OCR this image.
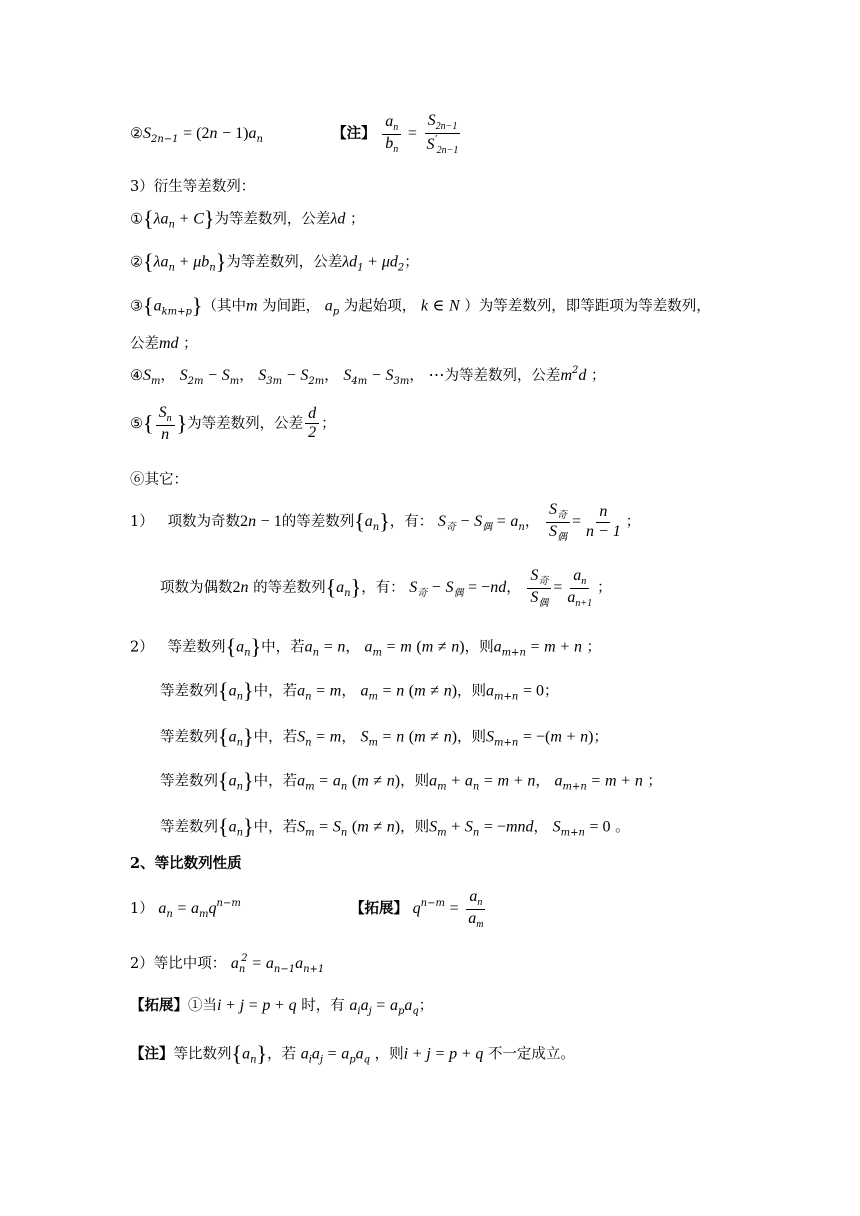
$②S_{2n-1} = (2n - 1)a_n$	【注】 $\frac{a_n}{b_n} = \frac{S_{2n-1}}{S'_{2n-1}}$
3）衍生等差数列：
$①\{\lambda a_n + C\}$为等差数列，公差λd ；
$②\{\lambda a_n + \mu b_n\}$为等差数列，公差$\lambda d_1 + \mu d_2$；
$③\{a_{km+p}\}$（其中m 为间距， $a_p$ 为起始项， k ∈ N ）为等差数列，即等距项为等差数列，
公差md ；
$④S_m$， $S_{2m} - S_m$， $S_{3m} - S_{2m}$， $S_{4m} - S_{3m}$， ⋯为等差数列，公差$m^2d$ ；
⑤{ $\frac{S_n}{n}$ }为等差数列，公差 $\frac{d}{2}$ ；
⑥其它：
1） 项数为奇数2n − 1的等差数列$\{a_n\}$，有： $S_奇 - S_偶 = a_n$， $\frac{S_奇}{S_偶} = \frac{n}{n - 1}$ ；
项数为偶数2n 的等差数列$\{a_n\}$，有： $S_奇 - S_偶 = -nd$， $\frac{S_奇}{S_偶} = \frac{a_n}{a_{n+1}}$ ；
2） 等差数列$\{a_n\}$中，若$a_n = n$， $a_m = m$ (m ≠ n)，则$a_{m+n} = m + n$ ；
等差数列$\{a_n\}$中，若$a_n = m$， $a_m = n$ (m ≠ n)，则$a_{m+n} = 0$；
等差数列$\{a_n\}$中，若$S_n = m$， $S_m = n$ (m ≠ n)，则$S_{m+n} = -(m + n)$；
等差数列$\{a_n\}$中，若$a_m = a_n$ (m ≠ n)，则$a_m + a_n = m + n$， $a_{m+n} = m + n$ ；
等差数列$\{a_n\}$中，若$S_m = S_n$ (m ≠ n)，则$S_m + S_n = -mnd$， $S_{m+n} = 0$ 。
2、等比数列性质
1） $a_n = a_mq^{n-m}$	【拓展】 $q^{n-m} = \frac{a_n}{a_m}$
2）等比中项： $a_n^2 = a_{n-1}a_{n+1}$
【拓展】①当i + j = p + q 时，有 $a_ia_j = a_pa_q$；
【注】等比数列$\{a_n\}$，若 $a_ia_j = a_pa_q$ ，则i + j = p + q 不一定成立。
